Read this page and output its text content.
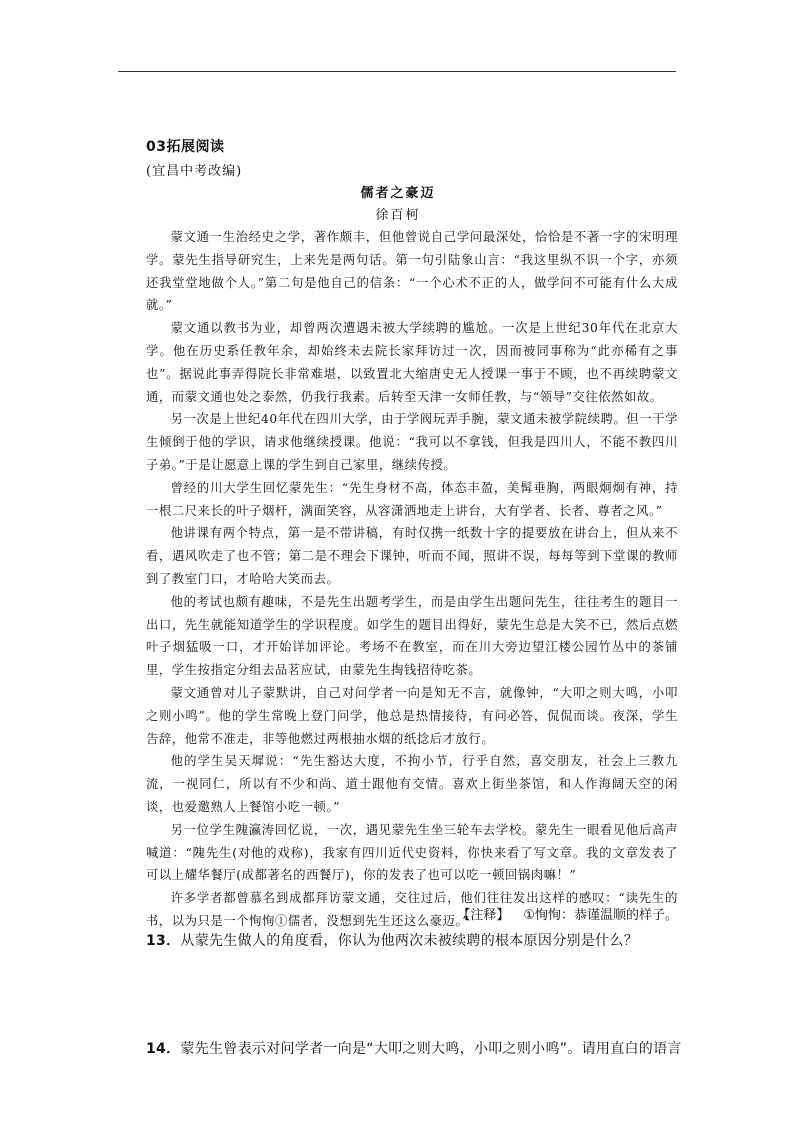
03拓展阅读
(宜昌中考改编)
儒者之豪迈
徐百柯

蒙文通一生治经史之学，著作颇丰，但他曾说自己学问最深处，恰恰是不著一字的宋明理学。蒙先生指导研究生，上来先是两句话。第一句引陆象山言：“我这里纵不识一个字，亦须还我堂堂地做个人。”第二句是他自己的信条：“一个心术不正的人，做学问不可能有什么大成就。”

蒙文通以教书为业，却曾两次遭遇未被大学续聘的尴尬。一次是上世纪30年代在北京大学。他在历史系任教年余，却始终未去院长家拜访过一次，因而被同事称为“此亦稀有之事也”。据说此事弄得院长非常难堪，以致置北大缩唐史无人授课一事于不顾，也不再续聘蒙文通，而蒙文通也处之泰然，仍我行我素。后转至天津一女师任教，与“领导”交往依然如故。

另一次是上世纪40年代在四川大学，由于学阀玩弄手腕，蒙文通未被学院续聘。但一干学生倾倒于他的学识，请求他继续授课。他说：“我可以不拿钱，但我是四川人，不能不教四川子弟。”于是让愿意上课的学生到自己家里，继续传授。

曾经的川大学生回忆蒙先生：“先生身材不高，体态丰盈，美髯垂胸，两眼炯炯有神，持一根二尺来长的叶子烟杆，满面笑容，从容潇洒地走上讲台，大有学者、长者、尊者之风。”

他讲课有两个特点，第一是不带讲稿，有时仅携一纸数十字的提要放在讲台上，但从来不看，遇风吹走了也不管；第二是不理会下课钟，听而不闻，照讲不误，每每等到下堂课的教师到了教室门口，才哈哈大笑而去。

他的考试也颇有趣味，不是先生出题考学生，而是由学生出题问先生，往往考生的题目一出口，先生就能知道学生的学识程度。如学生的题目出得好，蒙先生总是大笑不已，然后点燃叶子烟猛吸一口，才开始详加评论。考场不在教室，而在川大旁边望江楼公园竹丛中的茶铺里，学生按指定分组去品茗应试，由蒙先生掏钱招待吃茶。

蒙文通曾对儿子蒙默讲，自己对问学者一向是知无不言，就像钟，“大叩之则大鸣，小叩之则小鸣”。他的学生常晚上登门问学，他总是热情接待，有问必答，侃侃而谈。夜深，学生告辞，他常不准走，非等他燃过两根抽水烟的纸捻后才放行。

他的学生吴天墀说：“先生豁达大度，不拘小节，行乎自然，喜交朋友，社会上三教九流，一视同仁，所以有不少和尚、道士跟他有交情。喜欢上街坐茶馆，和人作海阔天空的闲谈，也爱邀熟人上餐馆小吃一顿。”

另一位学生隗瀛涛回忆说，一次，遇见蒙先生坐三轮车去学校。蒙先生一眼看见他后高声喊道：“隗先生(对他的戏称)，我家有四川近代史资料，你快来看了写文章。我的文章发表了可以上耀华餐厅(成都著名的西餐厅)，你的发表了也可以吃一顿回锅肉嘛！”

许多学者都曾慕名到成都拜访蒙文通，交往过后，他们往往发出这样的感叹：“读先生的书，以为只是一个恂恂①儒者，没想到先生还这么豪迈。”

【注释】 ①恂恂：恭谨温顺的样子。
13．从蒙先生做人的角度看，你认为他两次未被续聘的根本原因分别是什么？
14．蒙先生曾表示对问学者一向是“大叩之则大鸣，小叩之则小鸣”。请用直白的语言
